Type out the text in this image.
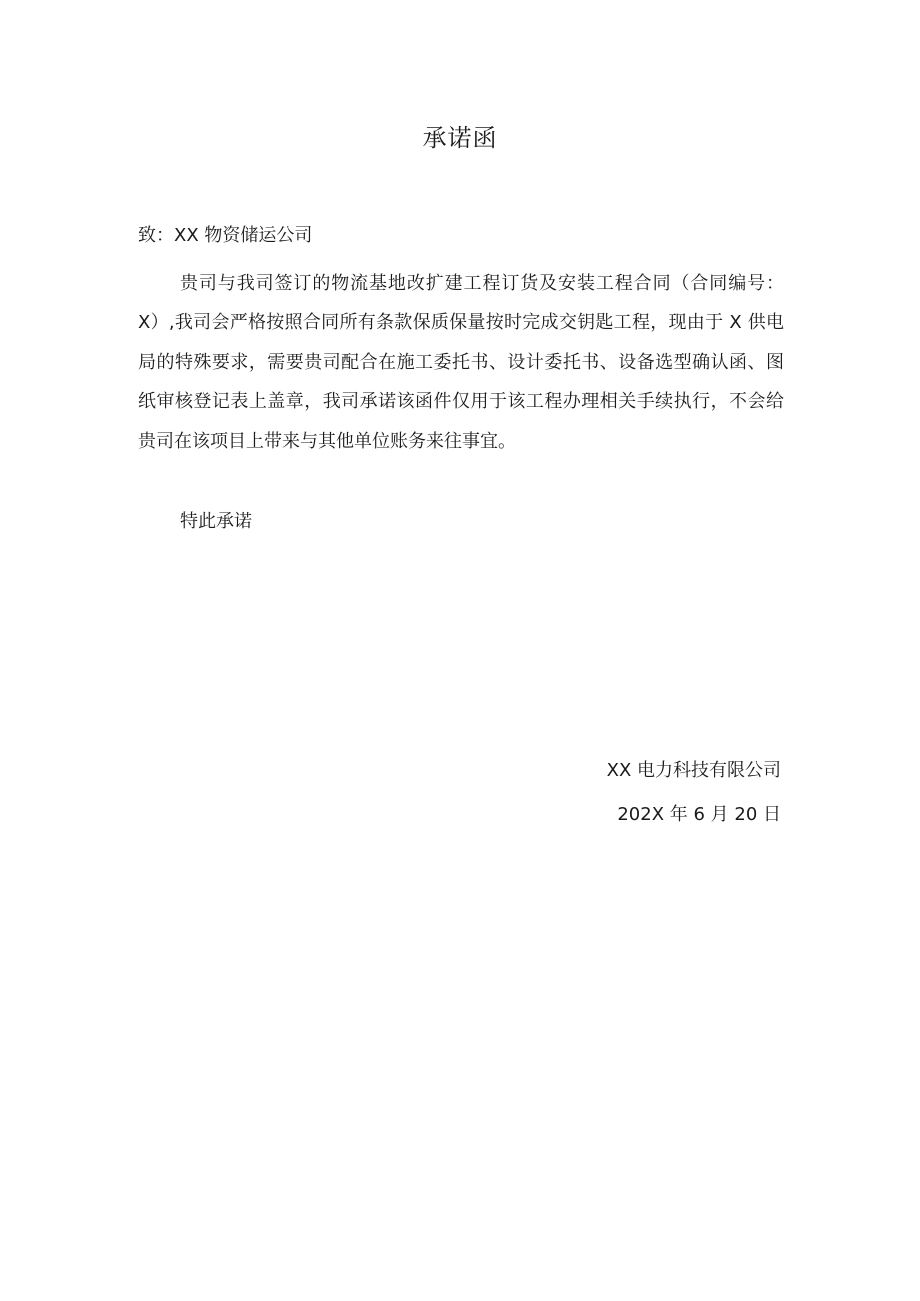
承诺函
致：XX 物资储运公司

贵司与我司签订的物流基地改扩建工程订货及安装工程合同（合同编号：X）,我司会严格按照合同所有条款保质保量按时完成交钥匙工程，现由于 X 供电局的特殊要求，需要贵司配合在施工委托书、设计委托书、设备选型确认函、图纸审核登记表上盖章，我司承诺该函件仅用于该工程办理相关手续执行，不会给贵司在该项目上带来与其他单位账务来往事宜。

特此承诺
XX 电力科技有限公司
202X 年 6 月 20 日
